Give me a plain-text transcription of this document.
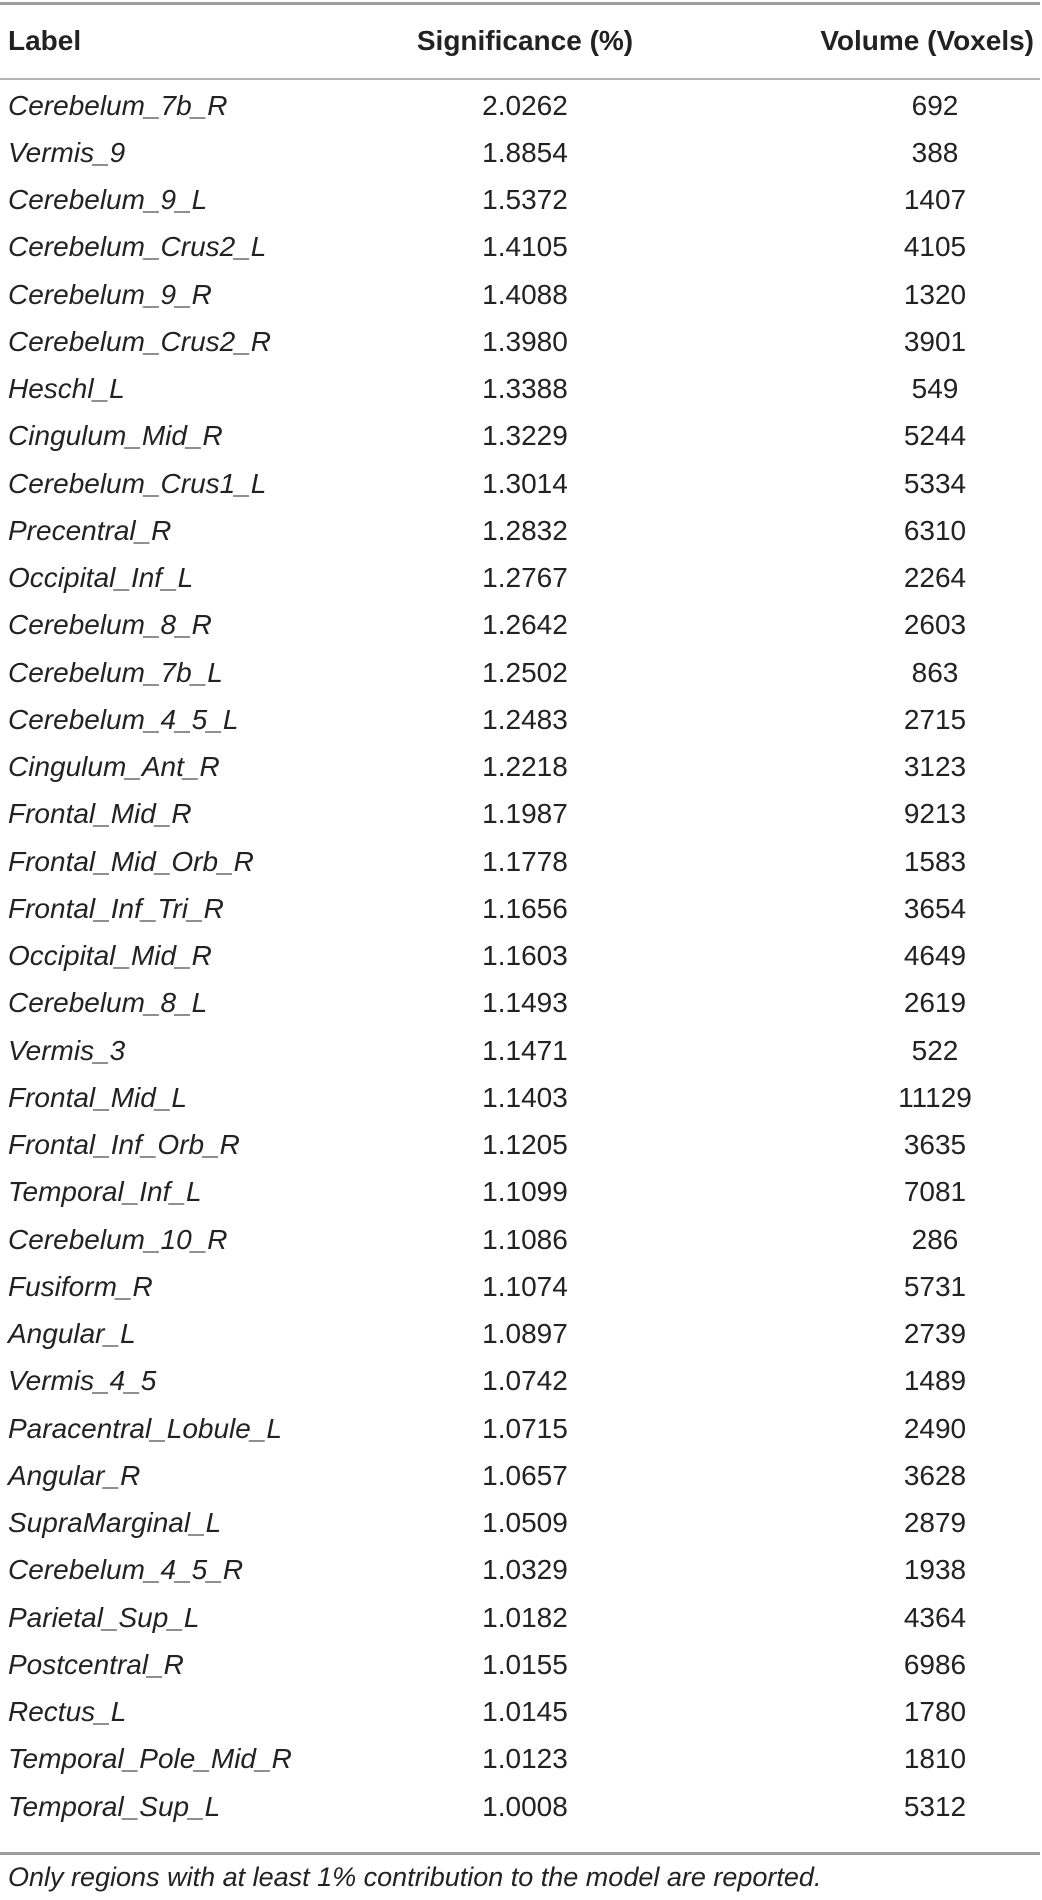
Label	Significance (%)	Volume (Voxels)
Cerebelum_7b_R	2.0262	692
Vermis_9	1.8854	388
Cerebelum_9_L	1.5372	1407
Cerebelum_Crus2_L	1.4105	4105
Cerebelum_9_R	1.4088	1320
Cerebelum_Crus2_R	1.3980	3901
Heschl_L	1.3388	549
Cingulum_Mid_R	1.3229	5244
Cerebelum_Crus1_L	1.3014	5334
Precentral_R	1.2832	6310
Occipital_Inf_L	1.2767	2264
Cerebelum_8_R	1.2642	2603
Cerebelum_7b_L	1.2502	863
Cerebelum_4_5_L	1.2483	2715
Cingulum_Ant_R	1.2218	3123
Frontal_Mid_R	1.1987	9213
Frontal_Mid_Orb_R	1.1778	1583
Frontal_Inf_Tri_R	1.1656	3654
Occipital_Mid_R	1.1603	4649
Cerebelum_8_L	1.1493	2619
Vermis_3	1.1471	522
Frontal_Mid_L	1.1403	11129
Frontal_Inf_Orb_R	1.1205	3635
Temporal_Inf_L	1.1099	7081
Cerebelum_10_R	1.1086	286
Fusiform_R	1.1074	5731
Angular_L	1.0897	2739
Vermis_4_5	1.0742	1489
Paracentral_Lobule_L	1.0715	2490
Angular_R	1.0657	3628
SupraMarginal_L	1.0509	2879
Cerebelum_4_5_R	1.0329	1938
Parietal_Sup_L	1.0182	4364
Postcentral_R	1.0155	6986
Rectus_L	1.0145	1780
Temporal_Pole_Mid_R	1.0123	1810
Temporal_Sup_L	1.0008	5312
Only regions with at least 1% contribution to the model are reported.
